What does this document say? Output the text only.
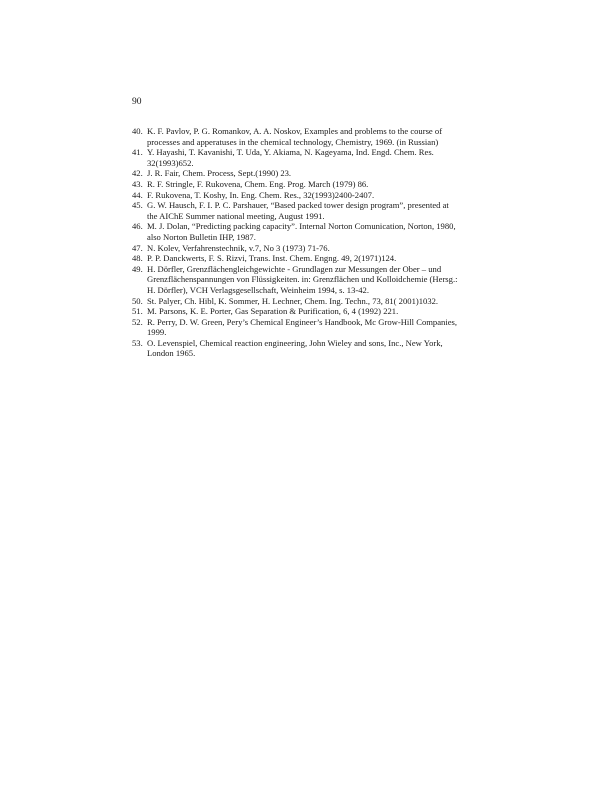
90
40. K. F. Pavlov, P. G. Romankov, A. A. Noskov, Examples and problems to the course of
processes and apperatuses in the chemical technology, Chemistry, 1969. (in Russian)
41. Y. Hayashi, T. Kavanishi, T. Uda, Y. Akiama, N. Kageyama, Ind. Engd. Chem. Res.
32(1993)652.
42. J. R. Fair, Chem. Process, Sept.(1990) 23.
43. R. F. Stringle, F. Rukovena, Chem. Eng. Prog. March (1979) 86.
44. F. Rukovena, T. Koshy, In. Eng. Chem. Res., 32(1993)2400-2407.
45. G. W. Hausch, F. I. P. C. Parshauer, “Based packed tower design program”, presented at
the AIChE Summer national meeting, August 1991.
46. M. J. Dolan, “Predicting packing capacity”. Internal Norton Comunication, Norton, 1980,
also Norton Bulletin IHP, 1987.
47. N. Kolev, Verfahrenstechnik, v.7, No 3 (1973) 71-76.
48. P. P. Danckwerts, F. S. Rizvi, Trans. Inst. Chem. Engng. 49, 2(1971)124.
49. H. Dörfler, Grenzflächengleichgewichte - Grundlagen zur Messungen der Ober – und
Grenzflächenspannungen von Flüssigkeiten. in: Grenzflächen und Kolloidchemie (Hersg.:
H. Dörfler), VCH Verlagsgesellschaft, Weinheim 1994, s. 13-42.
50. St. Palyer, Ch. Hibl, K. Sommer, H. Lechner, Chem. Ing. Techn., 73, 81( 2001)1032.
51. M. Parsons, K. E. Porter, Gas Separation & Purification, 6, 4 (1992) 221.
52. R. Perry, D. W. Green, Pery’s Chemical Engineer’s Handbook, Mc Grow-Hill Companies,
1999.
53. O. Levenspiel, Chemical reaction engineering, John Wieley and sons, Inc., New York,
London 1965.
